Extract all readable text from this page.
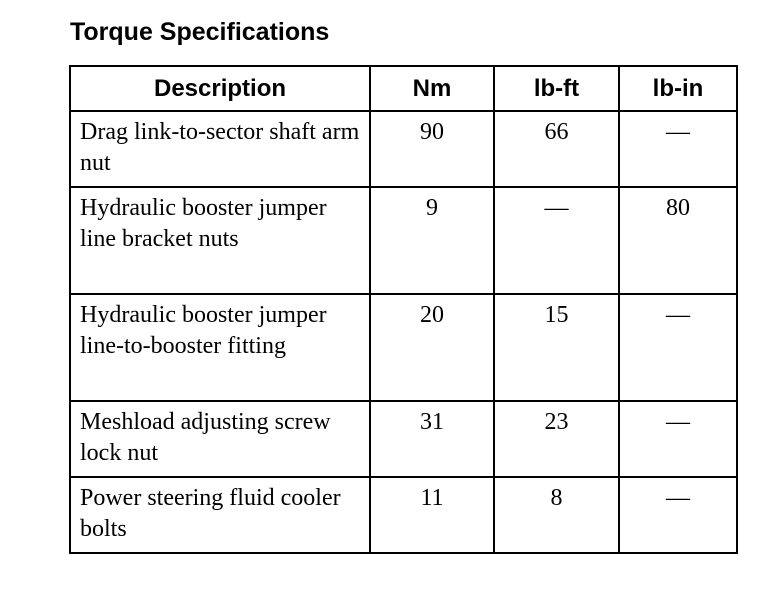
Torque Specifications
Description	Nm	lb-ft	lb-in
Drag link-to-sector shaft arm nut	90	66	—
Hydraulic booster jumper line bracket nuts	9	—	80
Hydraulic booster jumper line-to-booster fitting	20	15	—
Meshload adjusting screw lock nut	31	23	—
Power steering fluid cooler bolts	11	8	—
